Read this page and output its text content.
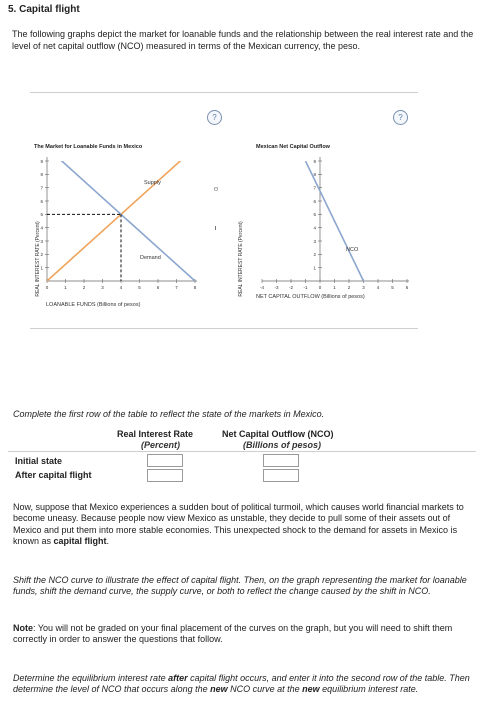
5. Capital flight
The following graphs depict the market for loanable funds and the relationship between the real interest rate and the level of net capital outflow (NCO) measured in terms of the Mexican currency, the peso.
?	?
The Market for Loanable Funds in Mexico
REAL INTEREST RATE (Percent)
LOANABLE FUNDS (Billions of pesos)
1
2
3
4
5
6
7
8
9
0	1	2	3	4	5	6	7	8
Supply
Demand
D
Mexican Net Capital Outflow
REAL INTEREST RATE (Percent)
NET CAPITAL OUTFLOW (Billions of pesos)
1
2
3
4
5
6
7
8
9
-4 -3 -2 -1 0	1	2	3	4	5	6
NCO
Complete the first row of the table to reflect the state of the markets in Mexico.
Real Interest Rate
(Percent)
Net Capital Outflow (NCO)
(Billions of pesos)
Initial state
After capital flight
Now, suppose that Mexico experiences a sudden bout of political turmoil, which causes world financial markets to become uneasy. Because people now view Mexico as unstable, they decide to pull some of their assets out of Mexico and put them into more stable economies. This unexpected shock to the demand for assets in Mexico is known as capital flight.
Shift the NCO curve to illustrate the effect of capital flight. Then, on the graph representing the market for loanable funds, shift the demand curve, the supply curve, or both to reflect the change caused by the shift in NCO.
Note: You will not be graded on your final placement of the curves on the graph, but you will need to shift them correctly in order to answer the questions that follow.
Determine the equilibrium interest rate after capital flight occurs, and enter it into the second row of the table. Then determine the level of NCO that occurs along the new NCO curve at the new equilibrium interest rate.
